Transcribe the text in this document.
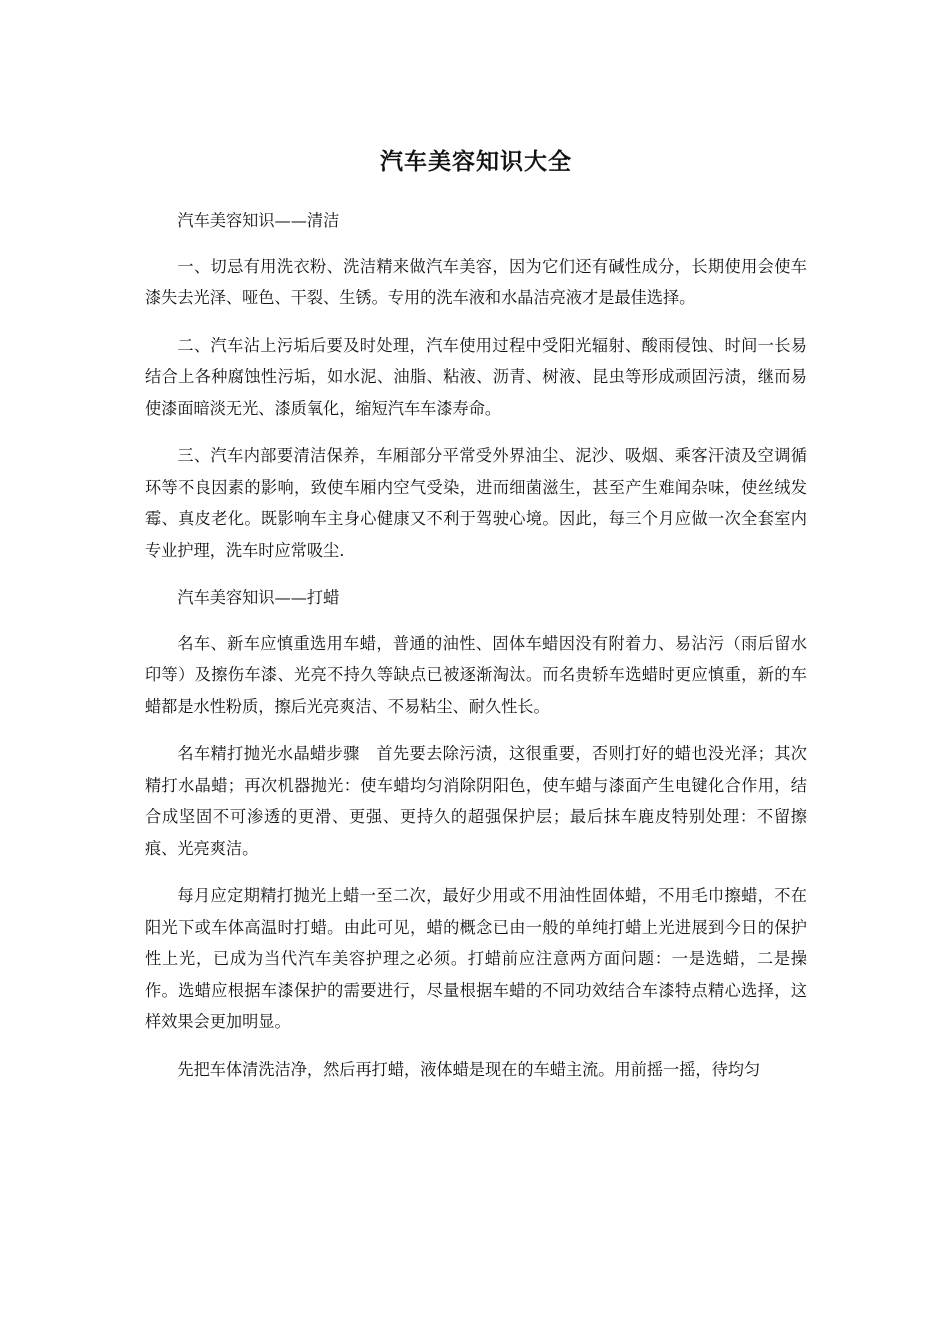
汽车美容知识大全

汽车美容知识——清洁

一、切忌有用洗衣粉、洗洁精来做汽车美容，因为它们还有碱性成分，长期使用会使车漆失去光泽、哑色、干裂、生锈。专用的洗车液和水晶洁亮液才是最佳选择。

二、汽车沾上污垢后要及时处理，汽车使用过程中受阳光辐射、酸雨侵蚀、时间一长易结合上各种腐蚀性污垢，如水泥、油脂、粘液、沥青、树液、昆虫等形成顽固污渍，继而易使漆面暗淡无光、漆质氧化，缩短汽车车漆寿命。

三、汽车内部要清洁保养，车厢部分平常受外界油尘、泥沙、吸烟、乘客汗渍及空调循环等不良因素的影响，致使车厢内空气受染，进而细菌滋生，甚至产生难闻杂味，使丝绒发霉、真皮老化。既影响车主身心健康又不利于驾驶心境。因此，每三个月应做一次全套室内专业护理，洗车时应常吸尘.

汽车美容知识——打蜡

名车、新车应慎重选用车蜡，普通的油性、固体车蜡因没有附着力、易沾污（雨后留水印等）及擦伤车漆、光亮不持久等缺点已被逐渐淘汰。而名贵轿车选蜡时更应慎重，新的车蜡都是水性粉质，擦后光亮爽洁、不易粘尘、耐久性长。

名车精打抛光水晶蜡步骤　首先要去除污渍，这很重要，否则打好的蜡也没光泽；其次精打水晶蜡；再次机器抛光：使车蜡均匀消除阴阳色，使车蜡与漆面产生电键化合作用，结合成坚固不可渗透的更滑、更强、更持久的超强保护层；最后抹车鹿皮特别处理：不留擦痕、光亮爽洁。

每月应定期精打抛光上蜡一至二次，最好少用或不用油性固体蜡，不用毛巾擦蜡，不在阳光下或车体高温时打蜡。由此可见，蜡的概念已由一般的单纯打蜡上光进展到今日的保护性上光，已成为当代汽车美容护理之必须。打蜡前应注意两方面问题：一是选蜡，二是操作。选蜡应根据车漆保护的需要进行，尽量根据车蜡的不同功效结合车漆特点精心选择，这样效果会更加明显。

先把车体清洗洁净，然后再打蜡，液体蜡是现在的车蜡主流。用前摇一摇，待均匀
